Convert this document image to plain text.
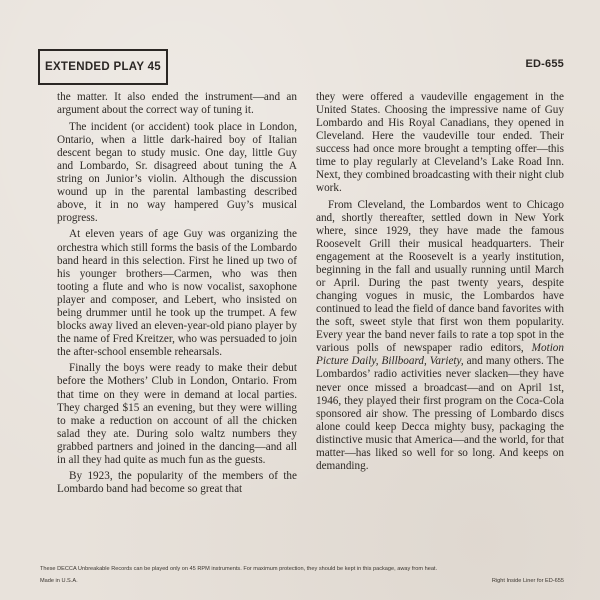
EXTENDED PLAY 45	ED-655

the matter. It also ended the instrument—and an argument about the correct way of tuning it.

The incident (or accident) took place in London, Ontario, when a little dark-haired boy of Italian descent began to study music. One day, little Guy and Lombardo, Sr. disagreed about tuning the A string on Junior’s violin. Although the discussion wound up in the parental lambasting described above, it in no way hampered Guy’s musical progress.

At eleven years of age Guy was organizing the orchestra which still forms the basis of the Lombardo band heard in this selection. First he lined up two of his younger brothers—Carmen, who was then tooting a flute and who is now vocalist, saxophone player and composer, and Lebert, who insisted on being drummer until he took up the trumpet. A few blocks away lived an eleven-year-old piano player by the name of Fred Kreitzer, who was persuaded to join the after-school ensemble rehearsals.

Finally the boys were ready to make their debut before the Mothers’ Club in London, Ontario. From that time on they were in demand at local parties. They charged $15 an evening, but they were willing to make a reduction on account of all the chicken salad they ate. During solo waltz numbers they grabbed partners and joined in the dancing—and all in all they had quite as much fun as the guests.

By 1923, the popularity of the members of the Lombardo band had become so great that

they were offered a vaudeville engagement in the United States. Choosing the impressive name of Guy Lombardo and His Royal Canadians, they opened in Cleveland. Here the vaudeville tour ended. Their success had once more brought a tempting offer—this time to play regularly at Cleveland’s Lake Road Inn. Next, they combined broadcasting with their night club work.

From Cleveland, the Lombardos went to Chicago and, shortly thereafter, settled down in New York where, since 1929, they have made the famous Roosevelt Grill their musical headquarters. Their engagement at the Roosevelt is a yearly institution, beginning in the fall and usually running until March or April. During the past twenty years, despite changing vogues in music, the Lombardos have continued to lead the field of dance band favorites with the soft, sweet style that first won them popularity. Every year the band never fails to rate a top spot in the various polls of newspaper radio editors, Motion Picture Daily, Billboard, Variety, and many others. The Lombardos’ radio activities never slacken—they have never once missed a broadcast—and on April 1st, 1946, they played their first program on the Coca-Cola sponsored air show. The pressing of Lombardo discs alone could keep Decca mighty busy, packaging the distinctive music that America—and the world, for that matter—has liked so well for so long. And keeps on demanding.

These DECCA Unbreakable Records can be played only on 45 RPM instruments. For maximum protection, they should be kept in this package, away from heat.
Made in U.S.A.	Right Inside Liner for ED-655
